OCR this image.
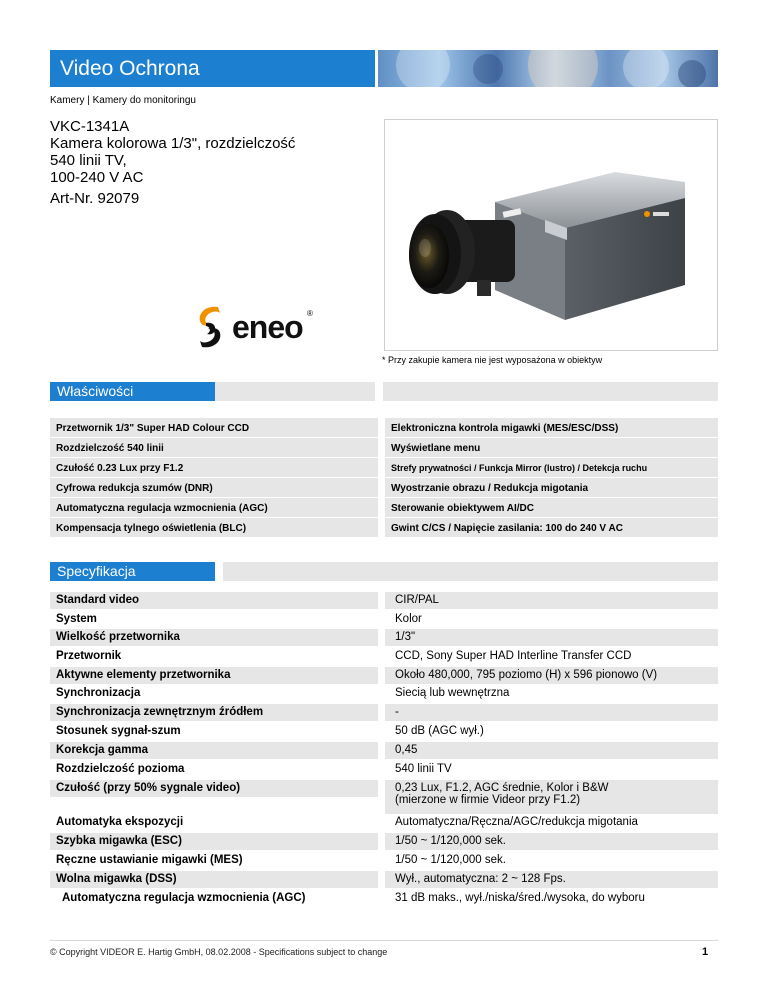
Video Ochrona
Kamery | Kamery do monitoringu
VKC-1341A
Kamera kolorowa 1/3", rozdzielczość
540 linii TV,
100-240 V AC
Art-Nr. 92079
eneo ®
* Przy zakupie kamera nie jest wyposażona w obiektyw
Właściwości
Przetwornik 1/3" Super HAD Colour CCD	Elektroniczna kontrola migawki (MES/ESC/DSS)
Rozdzielczość 540 linii	Wyświetlane menu
Czułość 0.23 Lux przy F1.2	Strefy prywatności / Funkcja Mirror (lustro) / Detekcja ruchu
Cyfrowa redukcja szumów (DNR)	Wyostrzanie obrazu / Redukcja migotania
Automatyczna regulacja wzmocnienia (AGC)	Sterowanie obiektywem AI/DC
Kompensacja tylnego oświetlenia (BLC)	Gwint C/CS / Napięcie zasilania: 100 do 240 V AC
Specyfikacja
Standard video	CIR/PAL
System	Kolor
Wielkość przetwornika	1/3"
Przetwornik	CCD, Sony Super HAD Interline Transfer CCD
Aktywne elementy przetwornika	Około 480,000, 795 poziomo (H) x 596 pionowo (V)
Synchronizacja	Siecią lub wewnętrzna
Synchronizacja zewnętrznym źródłem	-
Stosunek sygnał-szum	50 dB (AGC wył.)
Korekcja gamma	0,45
Rozdzielczość pozioma	540 linii TV
Czułość (przy 50% sygnale video)	0,23 Lux, F1.2, AGC średnie, Kolor i B&W
(mierzone w firmie Videor przy F1.2)
Automatyka ekspozycji	Automatyczna/Ręczna/AGC/redukcja migotania
Szybka migawka (ESC)	1/50 ~ 1/120,000 sek.
Ręczne ustawianie migawki (MES)	1/50 ~ 1/120,000 sek.
Wolna migawka (DSS)	Wył., automatyczna: 2 ~ 128 Fps.
Automatyczna regulacja wzmocnienia (AGC)	31 dB maks., wył./niska/śred./wysoka, do wyboru
© Copyright VIDEOR E. Hartig GmbH, 08.02.2008 - Specifications subject to change	1
